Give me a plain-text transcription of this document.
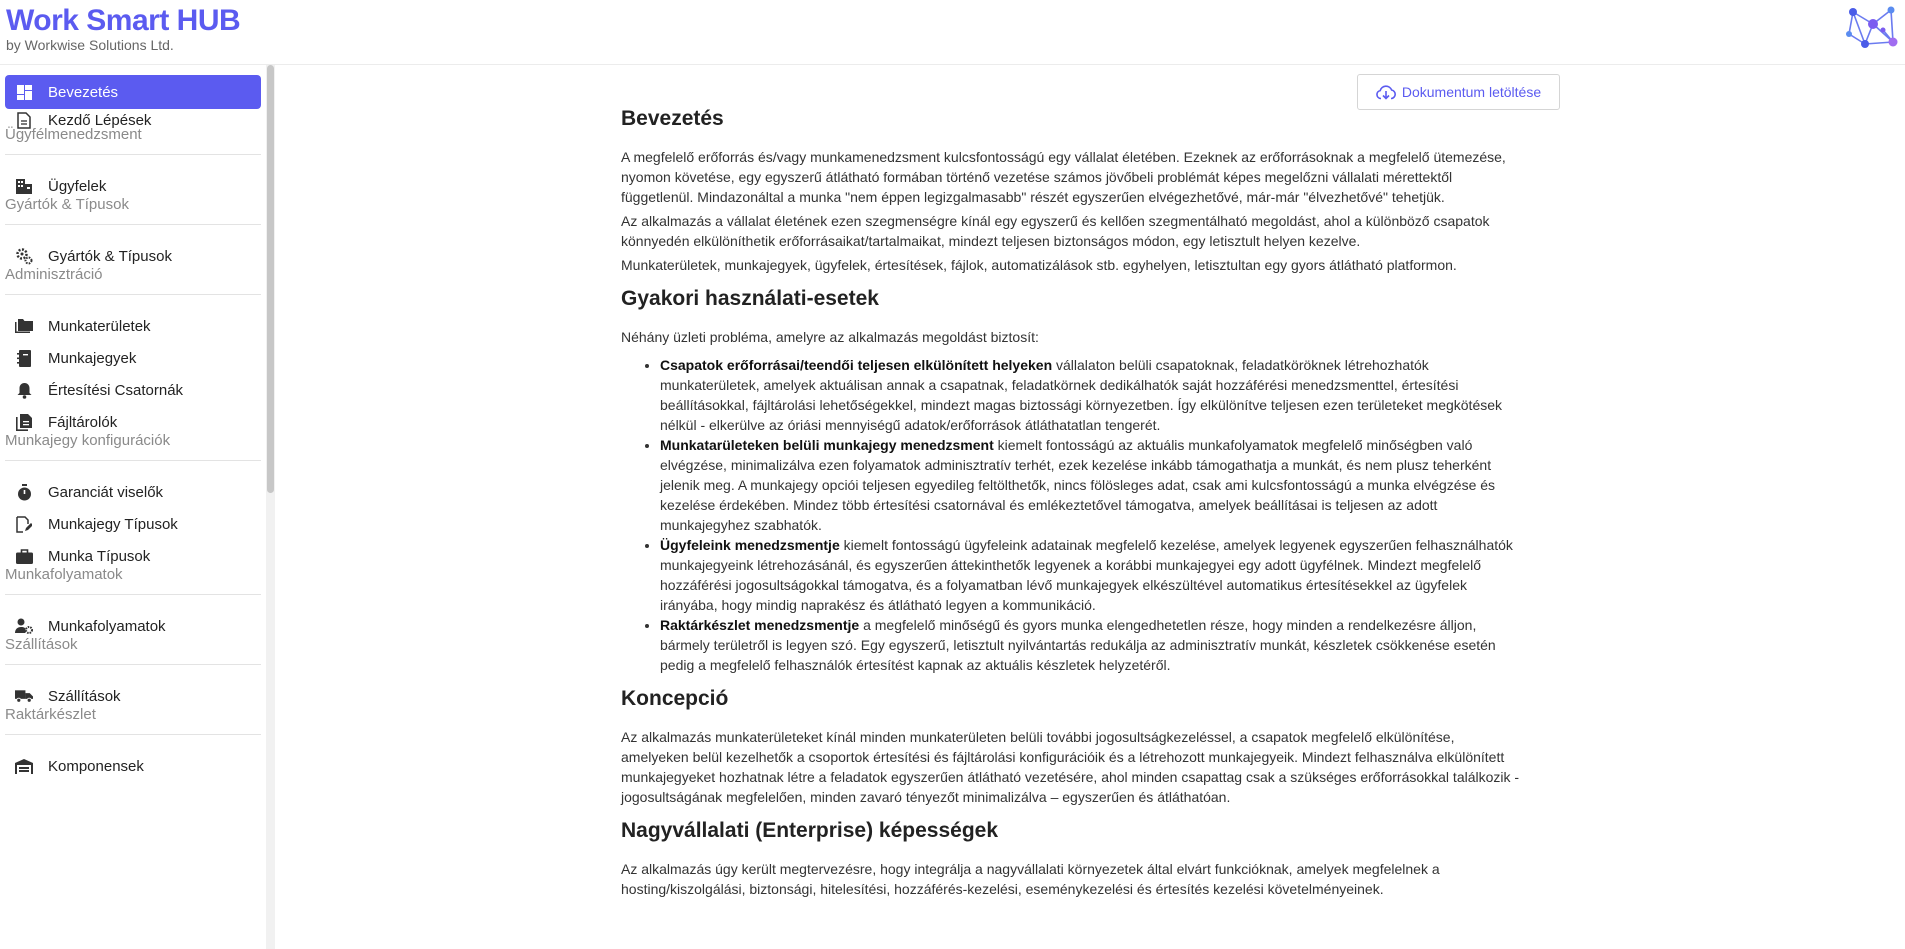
Work Smart HUB
by Workwise Solutions Ltd.
Bevezetés
Kezdő Lépések
Ügyfélmenedzsment
Ügyfelek
Gyártók & Típusok
Gyártók & Típusok
Adminisztráció
Munkaterületek
Munkajegyek
Értesítési Csatornák
Fájltárolók
Munkajegy konfigurációk
Garanciát viselők
Munkajegy Típusok
Munka Típusok
Munkafolyamatok
Munkafolyamatok
Szállítások
Szállítások
Raktárkészlet
Komponensek
Dokumentum letöltése
Bevezetés

A megfelelő erőforrás és/vagy munkamenedzsment kulcsfontosságú egy vállalat életében. Ezeknek az erőforrásoknak a megfelelő ütemezése, nyomon követése, egy egyszerű átlátható formában történő vezetése számos jövőbeli problémát képes megelőzni vállalati mérettektől függetlenül. Mindazonáltal a munka "nem éppen legizgalmasabb" részét egyszerűen elvégezhetővé, már-már "élvezhetővé" tehetjük.

Az alkalmazás a vállalat életének ezen szegmenségre kínál egy egyszerű és kellően szegmentálható megoldást, ahol a különböző csapatok könnyedén elkülöníthetik erőforrásaikat/tartalmaikat, mindezt teljesen biztonságos módon, egy letisztult helyen kezelve.

Munkaterületek, munkajegyek, ügyfelek, értesítések, fájlok, automatizálások stb. egyhelyen, letisztultan egy gyors átlátható platformon.

Gyakori használati-esetek

Néhány üzleti probléma, amelyre az alkalmazás megoldást biztosít:

• Csapatok erőforrásai/teendői teljesen elkülönített helyeken vállalaton belüli csapatoknak, feladatköröknek létrehozhatók munkaterületek, amelyek aktuálisan annak a csapatnak, feladatkörnek dedikálhatók saját hozzáférési menedzsmenttel, értesítési beállításokkal, fájltárolási lehetőségekkel, mindezt magas biztossági környezetben. Így elkülönítve teljesen ezen területeket megkötések nélkül - elkerülve az óriási mennyiségű adatok/erőforrások átláthatatlan tengerét.
• Munkatarületeken belüli munkajegy menedzsment kiemelt fontosságú az aktuális munkafolyamatok megfelelő minőségben való elvégzése, minimalizálva ezen folyamatok adminisztratív terhét, ezek kezelése inkább támogathatja a munkát, és nem plusz teherként jelenik meg. A munkajegy opciói teljesen egyedileg feltölthetők, nincs fölösleges adat, csak ami kulcsfontosságú a munka elvégzése és kezelése érdekében. Mindez több értesítési csatornával és emlékeztetővel támogatva, amelyek beállításai is teljesen az adott munkajegyhez szabhatók.
• Ügyfeleink menedzsmentje kiemelt fontosságú ügyfeleink adatainak megfelelő kezelése, amelyek legyenek egyszerűen felhasználhatók munkajegyeink létrehozásánál, és egyszerűen áttekinthetők legyenek a korábbi munkajegyei egy adott ügyfélnek. Mindezt megfelelő hozzáférési jogosultságokkal támogatva, és a folyamatban lévő munkajegyek elkészültével automatikus értesítésekkel az ügyfelek irányába, hogy mindig naprakész és átlátható legyen a kommunikáció.
• Raktárkészlet menedzsmentje a megfelelő minőségű és gyors munka elengedhetetlen része, hogy minden a rendelkezésre álljon, bármely területről is legyen szó. Egy egyszerű, letisztult nyilvántartás redukálja az adminisztratív munkát, készletek csökkenése esetén pedig a megfelelő felhasználók értesítést kapnak az aktuális készletek helyzetéről.
Koncepció

Az alkalmazás munkaterületeket kínál minden munkaterületen belüli további jogosultságkezeléssel, a csapatok megfelelő elkülönítése, amelyeken belül kezelhetők a csoportok értesítési és fájltárolási konfigurációik és a létrehozott munkajegyeik. Mindezt felhasználva elkülönített munkajegyeket hozhatnak létre a feladatok egyszerűen átlátható vezetésére, ahol minden csapattag csak a szükséges erőforrásokkal találkozik - jogosultságának megfelelően, minden zavaró tényezőt minimalizálva – egyszerűen és átláthatóan.

Nagyvállalati (Enterprise) képességek

Az alkalmazás úgy került megtervezésre, hogy integrálja a nagyvállalati környezetek által elvárt funkcióknak, amelyek megfelelnek a hosting/kiszolgálási, biztonsági, hitelesítési, hozzáférés-kezelési, eseménykezelési és értesítés kezelési követelményeinek.
